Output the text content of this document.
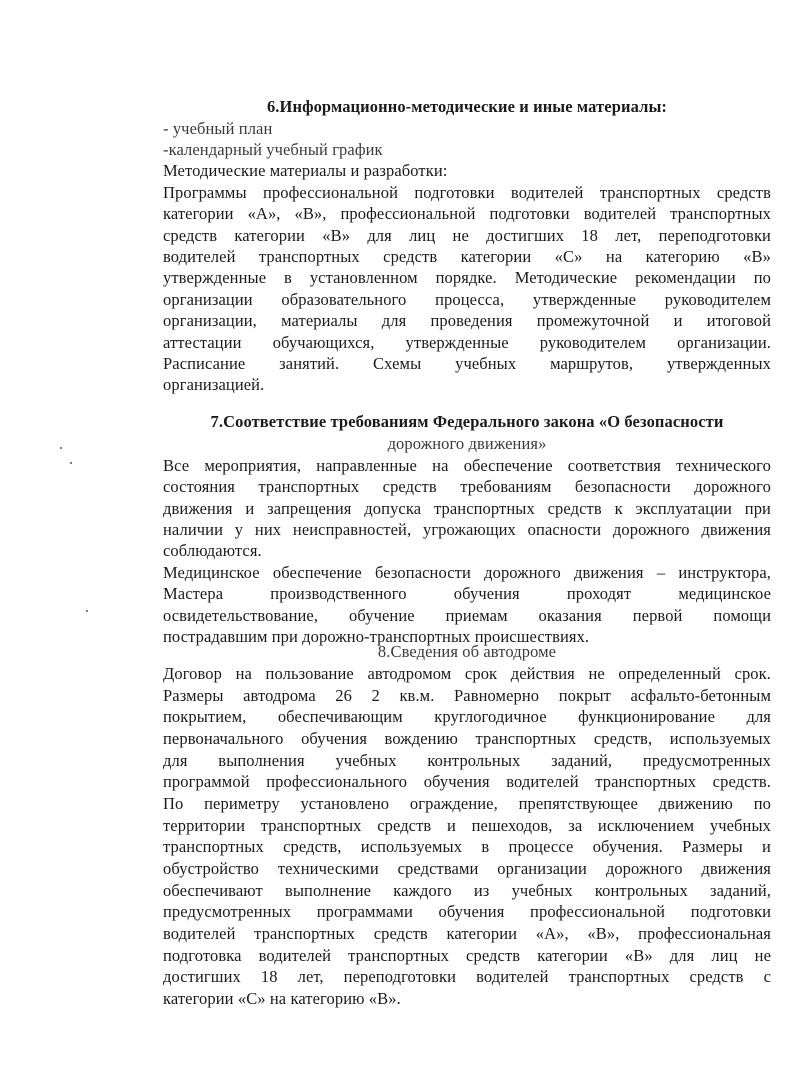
6.Информационно-методические и иные материалы:
- учебный план
-календарный учебный график
Методические материалы и разработки:
Программы профессиональной подготовки водителей транспортных средств
категории «А», «В», профессиональной подготовки водителей транспортных
средств категории «В» для лиц не достигших 18 лет, переподготовки
водителей транспортных средств категории «С» на категорию «В»
утвержденные в установленном порядке. Методические рекомендации по
организации образовательного процесса, утвержденные руководителем
организации, материалы для проведения промежуточной и итоговой
аттестации обучающихся, утвержденные руководителем организации.
Расписание занятий. Схемы учебных маршрутов, утвержденных
организацией.
7.Соответствие требованиям Федерального закона «О безопасности
дорожного движения»
Все мероприятия, направленные на обеспечение соответствия технического
состояния транспортных средств требованиям безопасности дорожного
движения и запрещения допуска транспортных средств к эксплуатации при
наличии у них неисправностей, угрожающих опасности дорожного движения
соблюдаются.
Медицинское обеспечение безопасности дорожного движения – инструктора,
Мастера производственного обучения проходят медицинское
освидетельствование, обучение приемам оказания первой помощи
пострадавшим при дорожно-транспортных происшествиях.
8.Сведения об автодроме
Договор на пользование автодромом срок действия не определенный срок.
Размеры автодрома 26 2 кв.м. Равномерно покрыт асфальто-бетонным
покрытием, обеспечивающим круглогодичное функционирование для
первоначального обучения вождению транспортных средств, используемых
для выполнения учебных контрольных заданий, предусмотренных
программой профессионального обучения водителей транспортных средств.
По периметру установлено ограждение, препятствующее движению по
территории транспортных средств и пешеходов, за исключением учебных
транспортных средств, используемых в процессе обучения. Размеры и
обустройство техническими средствами организации дорожного движения
обеспечивают выполнение каждого из учебных контрольных заданий,
предусмотренных программами обучения профессиональной подготовки
водителей транспортных средств категории «А», «В», профессиональная
подготовка водителей транспортных средств категории «В» для лиц не
достигших 18 лет, переподготовки водителей транспортных средств с
категории «С» на категорию «В».
